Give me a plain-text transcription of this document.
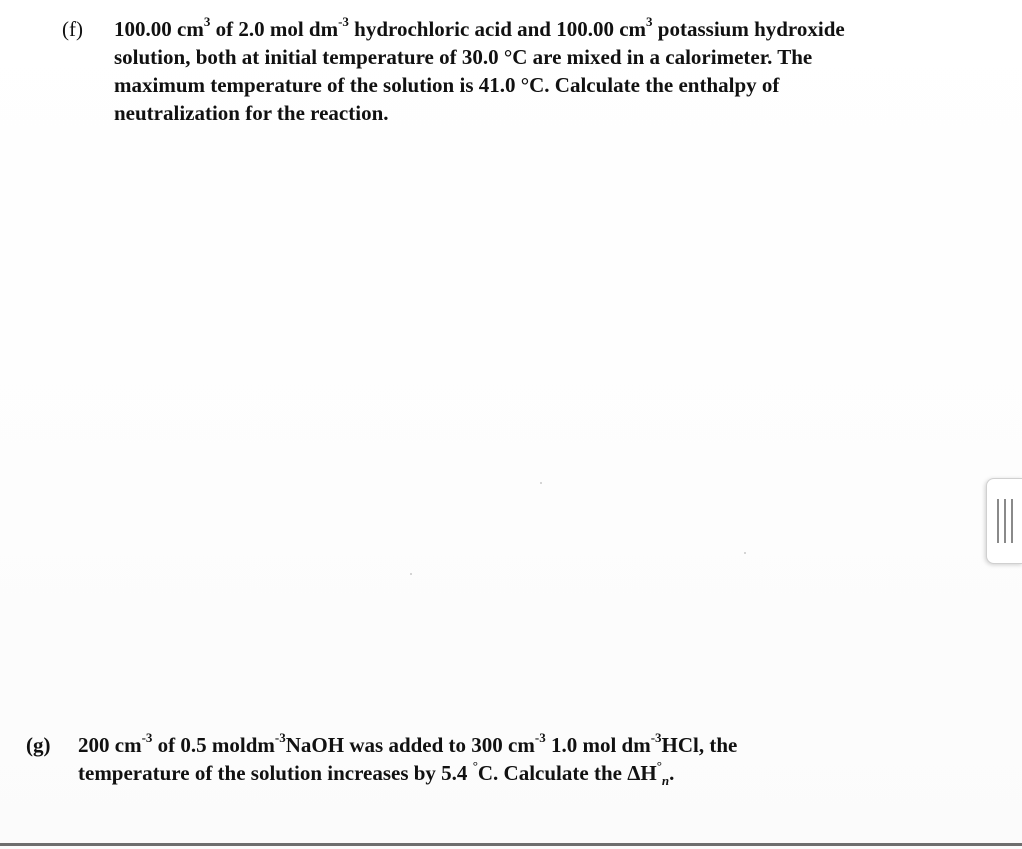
(f) 100.00 $cm^3$ of 2.0 mol $dm^{-3}$ hydrochloric acid and 100.00 $cm^3$ potassium hydroxide
solution, both at initial temperature of 30.0 °C are mixed in a calorimeter. The
maximum temperature of the solution is 41.0 °C. Calculate the enthalpy of
neutralization for the reaction.
(g) 200 $cm^{-3}$ of 0.5 moldm$^{-3}$NaOH was added to 300 $cm^{-3}$ 1.0 mol $dm^{-3}HCl$, the
temperature of the solution increases by 5.4 °C. Calculate the $\Delta H^\circ_n$.
